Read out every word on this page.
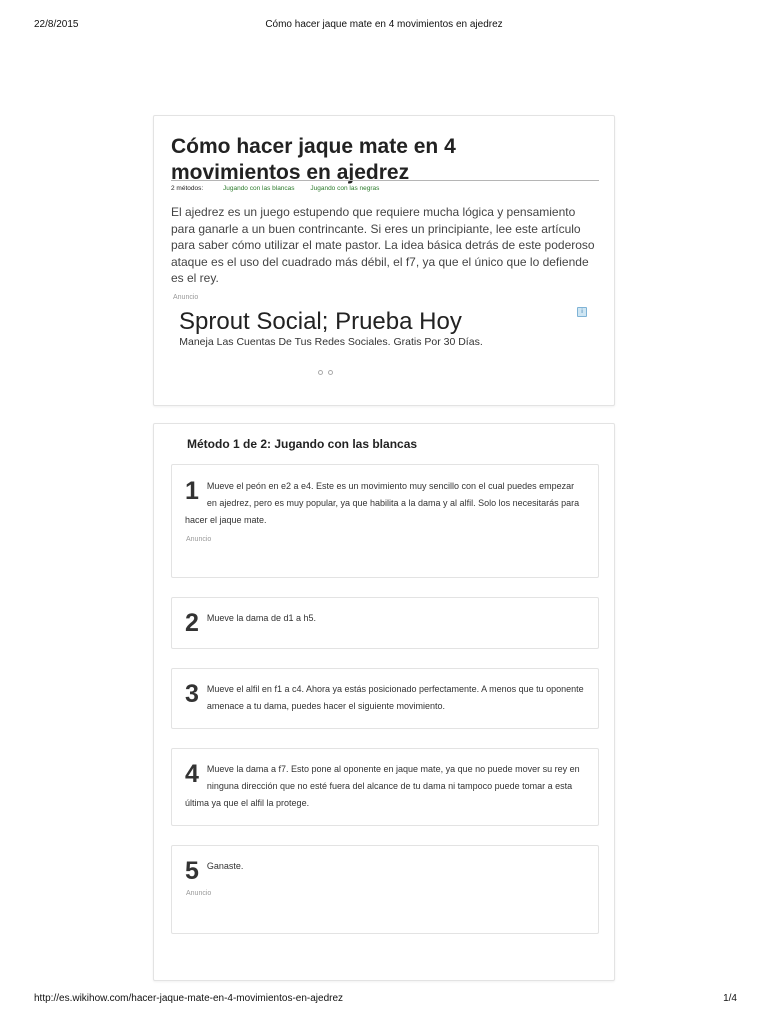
22/8/2015	Cómo hacer jaque mate en 4 movimientos en ajedrez
Cómo hacer jaque mate en 4 movimientos en ajedrez
2 métodos:	Jugando con las blancas Jugando con las negras

El ajedrez es un juego estupendo que requiere mucha lógica y pensamiento para ganarle a un buen contrincante. Si eres un principiante, lee este artículo para saber cómo utilizar el mate pastor. La idea básica detrás de este poderoso ataque es el uso del cuadrado más débil, el f7, ya que el único que lo defiende es el rey.

Anuncio
Sprout Social; Prueba Hoy
Maneja Las Cuentas De Tus Redes Sociales. Gratis Por 30 Días.
i
Método 1 de 2: Jugando con las blancas
1 Mueve el peón en e2 a e4. Este es un movimiento muy sencillo con el cual puedes empezar en ajedrez, pero es muy popular, ya que habilita a la dama y al alfil. Solo los necesitarás para hacer el jaque mate.

Anuncio
2 Mueve la dama de d1 a h5.

3 Mueve el alfil en f1 a c4. Ahora ya estás posicionado perfectamente. A menos que tu oponente amenace a tu dama, puedes hacer el siguiente movimiento.

4 Mueve la dama a f7. Esto pone al oponente en jaque mate, ya que no puede mover su rey en ninguna dirección que no esté fuera del alcance de tu dama ni tampoco puede tomar a esta última ya que el alfil la protege.

5 Ganaste.

Anuncio
http://es.wikihow.com/hacer-jaque-mate-en-4-movimientos-en-ajedrez	1/4
